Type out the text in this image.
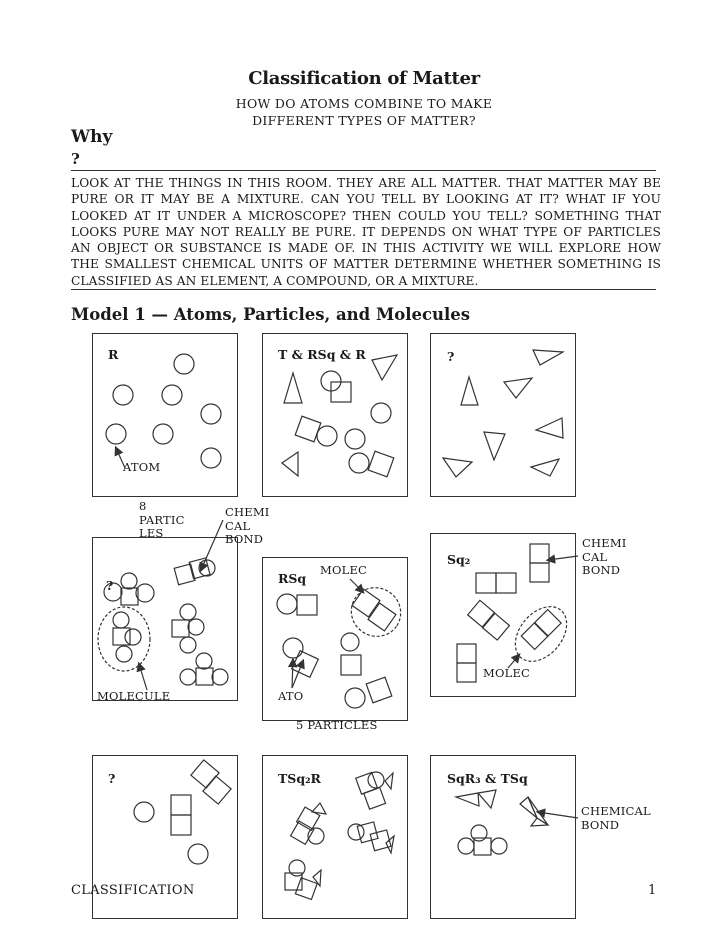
Classification of Matter
HOW DO ATOMS COMBINE TO MAKE
DIFFERENT TYPES OF MATTER?
Why
?
LOOK AT THE THINGS IN THIS ROOM. THEY ARE ALL MATTER. THAT MATTER MAY BE PURE OR IT MAY BE A MIXTURE. CAN YOU TELL BY LOOKING AT IT? WHAT IF YOU LOOKED AT IT UNDER A MICROSCOPE? THEN COULD YOU TELL? SOMETHING THAT LOOKS PURE MAY NOT REALLY BE PURE. IT DEPENDS ON WHAT TYPE OF PARTICLES AN OBJECT OR SUBSTANCE IS MADE OF. IN THIS ACTIVITY WE WILL EXPLORE HOW THE SMALLEST CHEMICAL UNITS OF MATTER DETERMINE WHETHER SOMETHING IS CLASSIFIED AS AN ELEMENT, A COMPOUND, OR A MIXTURE.
Model 1 — Atoms, Particles, and Molecules
R	T & RSq & R	?
?	RSq
Sq₂
?	TSq₂R	SqR₃ & TSq
ATOM
8
PARTIC
LES
CHEMI
CAL
BOND
MOLECULE
MOLEC
ATO
5 PARTICLES
CHEMI
CAL
BOND
MOLEC
CHEMICAL
BOND
CLASSIFICATION	1
